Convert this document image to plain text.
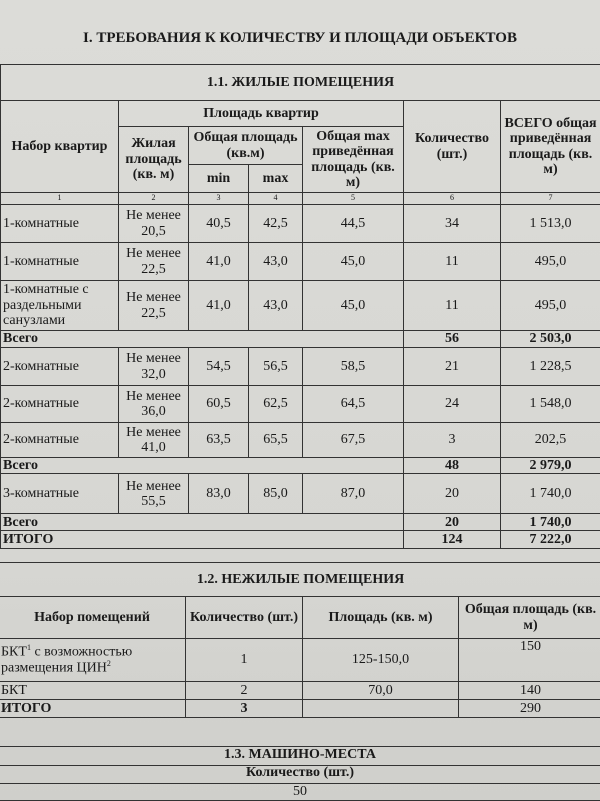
I. ТРЕБОВАНИЯ К КОЛИЧЕСТВУ И ПЛОЩАДИ ОБЪЕКТОВ
1.1. ЖИЛЫЕ ПОМЕЩЕНИЯ						
Набор квартир	Площадь квартир				Количество (шт.)	ВСЕГО общая приведённая площадь (кв. м)
	Жилая площадь (кв. м)	Общая площадь (кв.м)		Общая max приведённая площадь (кв. м)		
		min	max			
1	2	3	4	5	6	7
1-комнатные	Не менее 20,5	40,5	42,5	44,5	34	1 513,0
1-комнатные	Не менее 22,5	41,0	43,0	45,0	11	495,0
1-комнатные с раздельными санузлами	Не менее 22,5	41,0	43,0	45,0	11	495,0
Всего					56	2 503,0
2-комнатные	Не менее 32,0	54,5	56,5	58,5	21	1 228,5
2-комнатные	Не менее 36,0	60,5	62,5	64,5	24	1 548,0
2-комнатные	Не менее 41,0	63,5	65,5	67,5	3	202,5
Всего					48	2 979,0
3-комнатные	Не менее 55,5	83,0	85,0	87,0	20	1 740,0
Всего					20	1 740,0
ИТОГО					124	7 222,0
1.2. НЕЖИЛЫЕ ПОМЕЩЕНИЯ			
Набор помещений	Количество (шт.)	Площадь (кв. м)	Общая площадь (кв. м)
БКТ$^1$ с возможностью размещения ЦИН$^2$	1	125-150,0	150
БКТ	2	70,0	140
ИТОГО	3		290
1.3. МАШИНО-МЕСТА
Количество (шт.)
50
